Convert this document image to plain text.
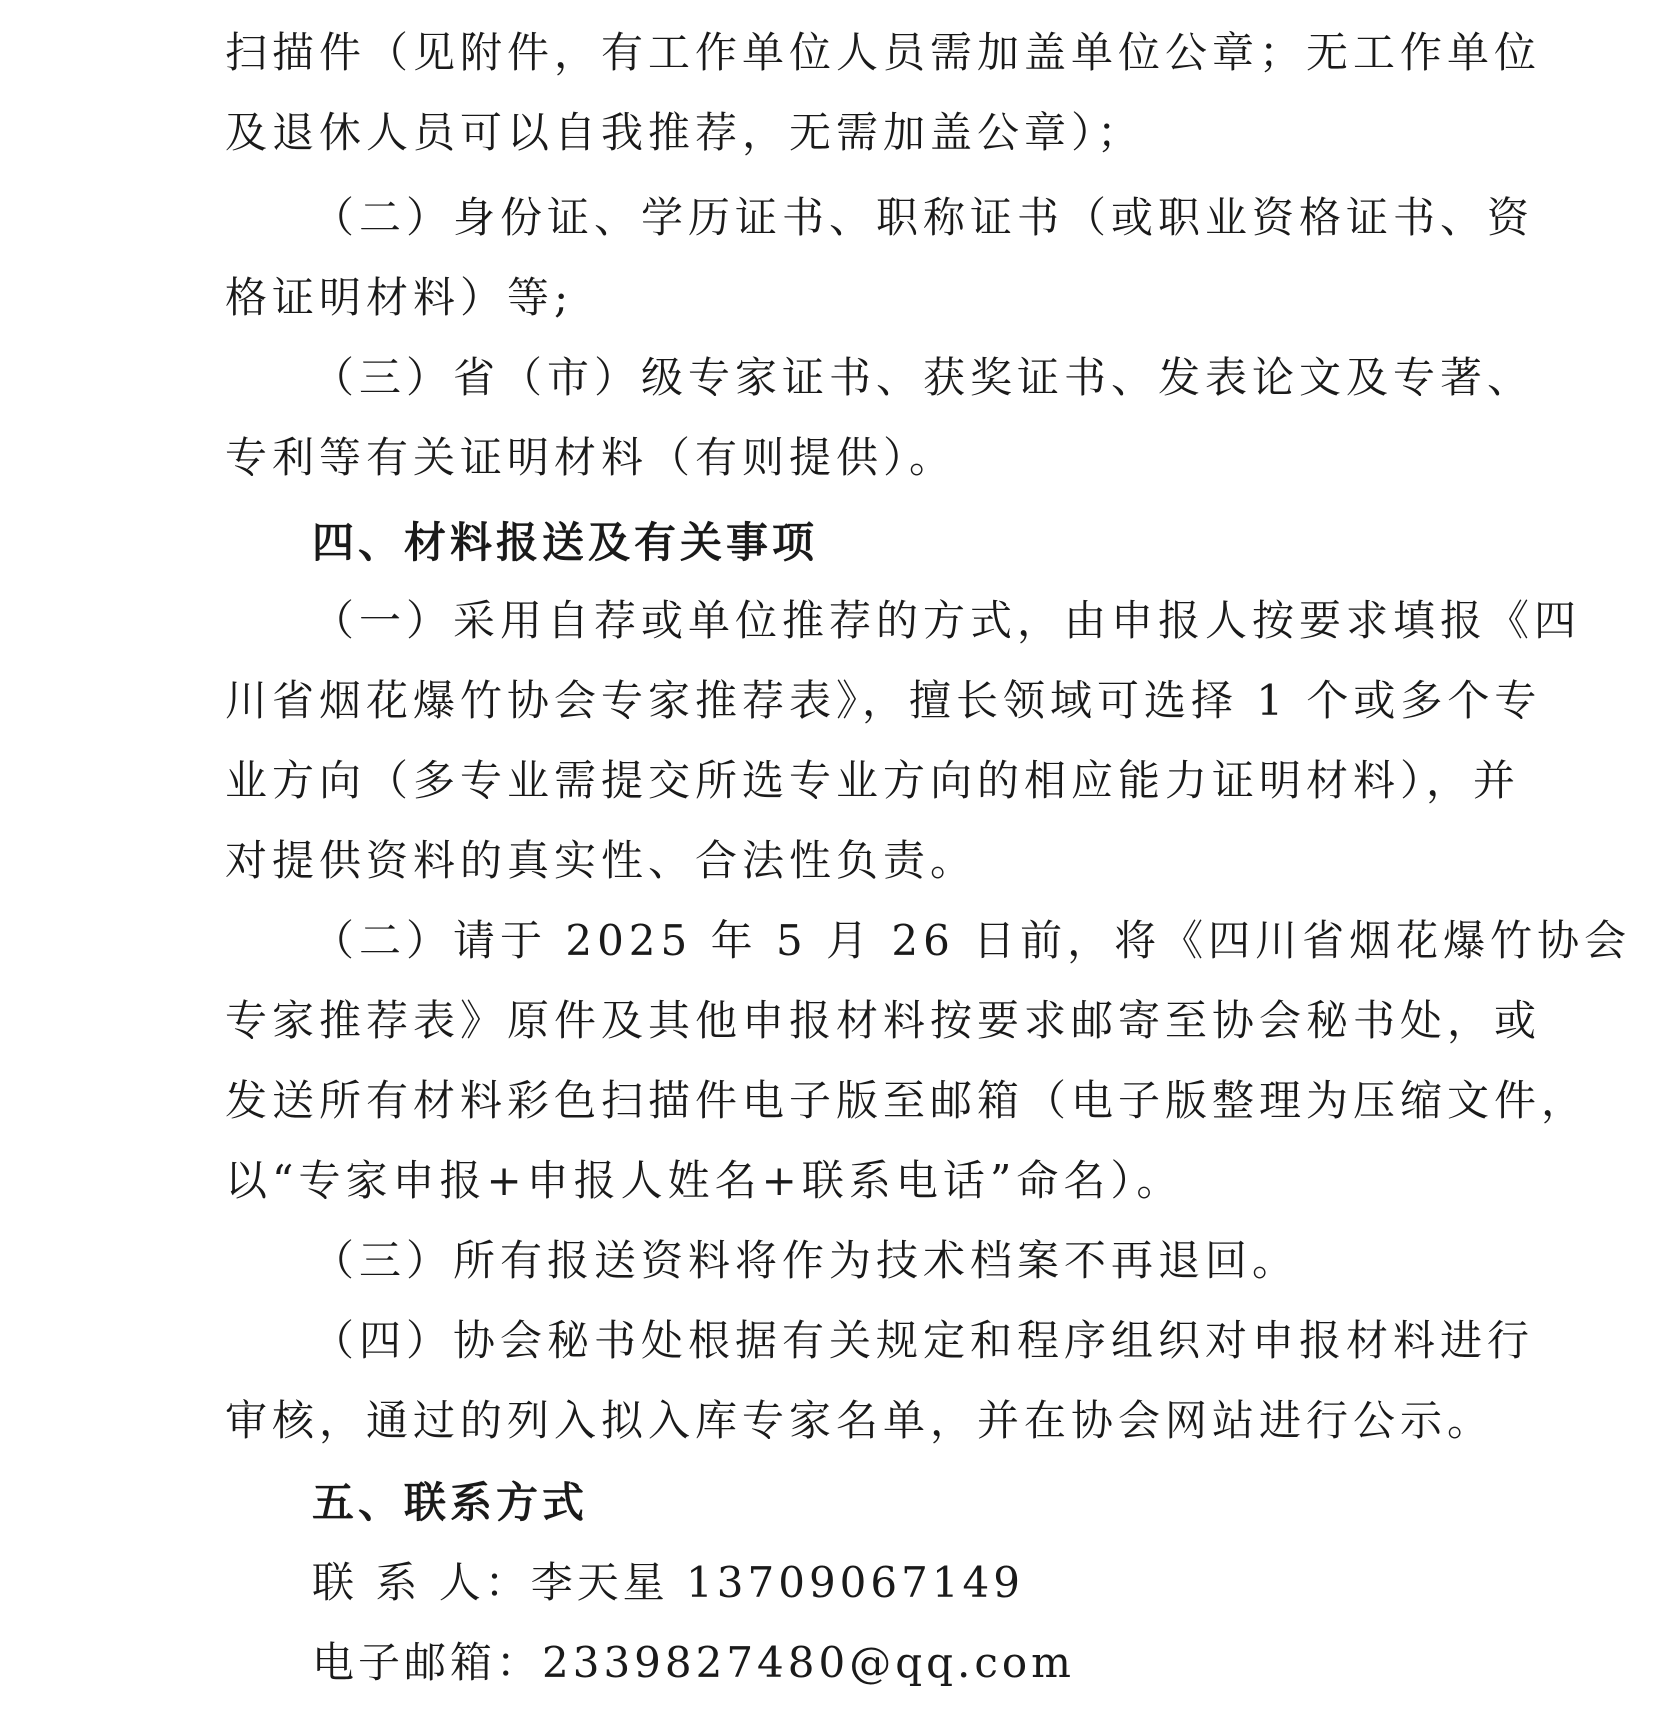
扫描件（见附件，有工作单位人员需加盖单位公章；无工作单位
及退休人员可以自我推荐，无需加盖公章）；
（二）身份证、学历证书、职称证书（或职业资格证书、资
格证明材料）等;
（三）省（市）级专家证书、获奖证书、发表论文及专著、
专利等有关证明材料（有则提供）。
四、材料报送及有关事项
（一）采用自荐或单位推荐的方式，由申报人按要求填报《四
川省烟花爆竹协会专家推荐表》，擅长领域可选择 1 个或多个专
业方向（多专业需提交所选专业方向的相应能力证明材料），并
对提供资料的真实性、合法性负责。
（二）请于 2025 年 5 月 26 日前，将《四川省烟花爆竹协会
专家推荐表》原件及其他申报材料按要求邮寄至协会秘书处，或
发送所有材料彩色扫描件电子版至邮箱（电子版整理为压缩文件，
以“专家申报+申报人姓名+联系电话”命名）。
（三）所有报送资料将作为技术档案不再退回。
（四）协会秘书处根据有关规定和程序组织对申报材料进行
审核，通过的列入拟入库专家名单，并在协会网站进行公示。
五、联系方式
联 系 人：李天星 13709067149
电子邮箱：2339827480@qq.com
